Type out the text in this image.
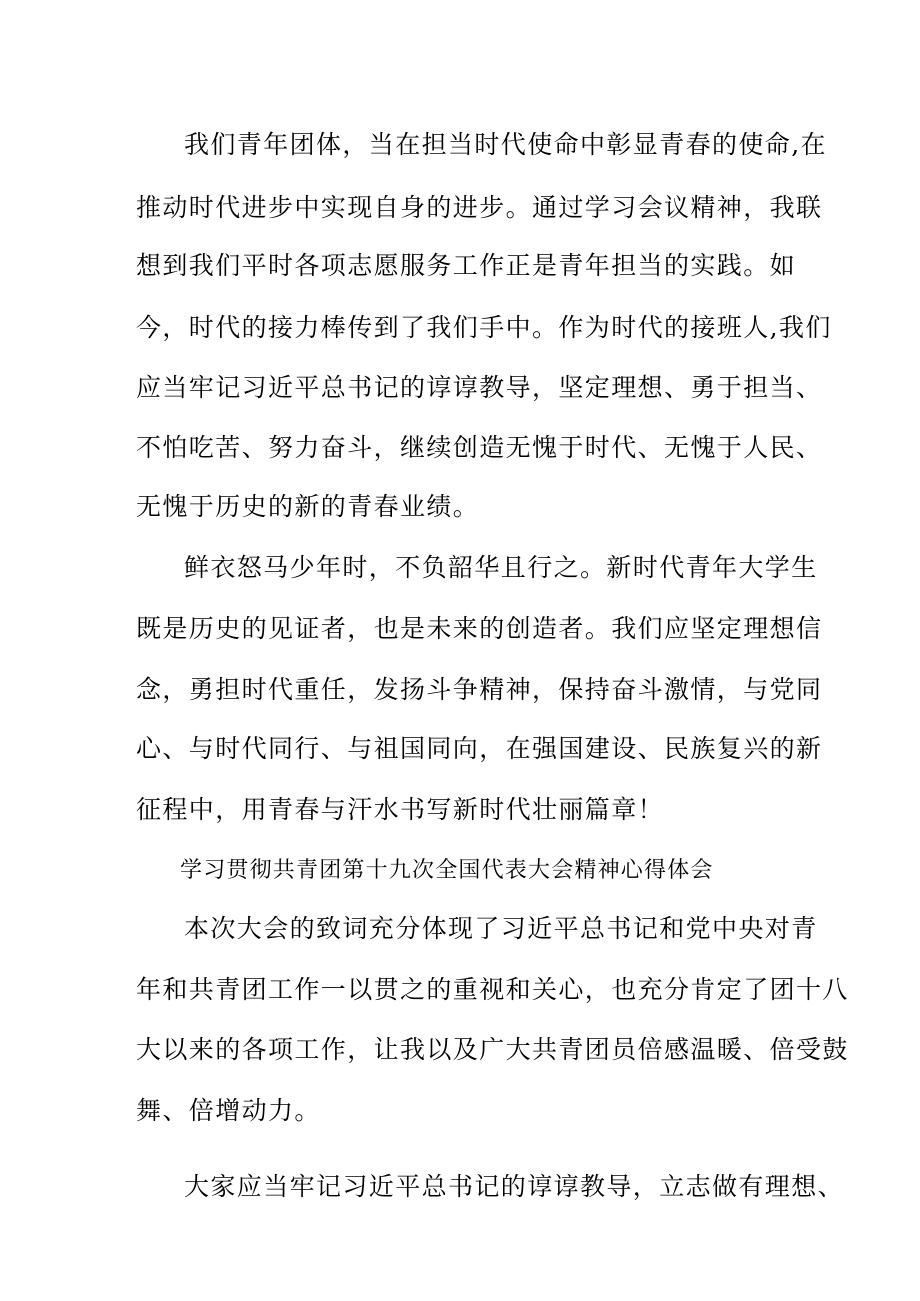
我们青年团体，当在担当时代使命中彰显青春的使命,在
推动时代进步中实现自身的进步。通过学习会议精神，我联
想到我们平时各项志愿服务工作正是青年担当的实践。如
今，时代的接力棒传到了我们手中。作为时代的接班人,我们
应当牢记习近平总书记的谆谆教导，坚定理想、勇于担当、
不怕吃苦、努力奋斗，继续创造无愧于时代、无愧于人民、
无愧于历史的新的青春业绩。
鲜衣怒马少年时，不负韶华且行之。新时代青年大学生
既是历史的见证者，也是未来的创造者。我们应坚定理想信
念，勇担时代重任，发扬斗争精神，保持奋斗激情，与党同
心、与时代同行、与祖国同向，在强国建设、民族复兴的新
征程中，用青春与汗水书写新时代壮丽篇章！
学习贯彻共青团第十九次全国代表大会精神心得体会
本次大会的致词充分体现了习近平总书记和党中央对青
年和共青团工作一以贯之的重视和关心，也充分肯定了团十八
大以来的各项工作，让我以及广大共青团员倍感温暖、倍受鼓
舞、倍增动力。
大家应当牢记习近平总书记的谆谆教导，立志做有理想、
